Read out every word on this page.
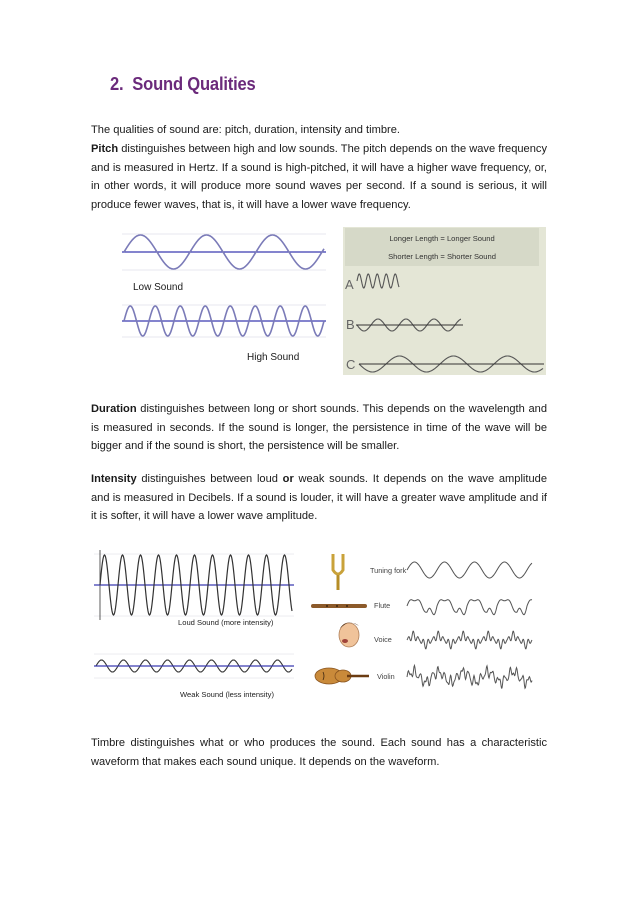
2. Sound Qualities

The qualities of sound are: pitch, duration, intensity and timbre.

Pitch distinguishes between high and low sounds. The pitch depends on the wave frequency and is measured in Hertz. If a sound is high-pitched, it will have a higher wave frequency, or, in other words, it will produce more sound waves per second. If a sound is serious, it will produce fewer waves, that is, it will have a lower wave frequency.

Low Sound
High Sound
A
B
C
Longer Length = Longer Sound
Shorter Length = Shorter Sound

Duration distinguishes between long or short sounds. This depends on the wavelength and is measured in seconds. If the sound is longer, the persistence in time of the wave will be bigger and if the sound is short, the persistence will be smaller.

Intensity distinguishes between loud or weak sounds. It depends on the wave amplitude and is measured in Decibels. If a sound is louder, it will have a greater wave amplitude and if it is softer, it will have a lower wave amplitude.

Loud Sound (more intensity)
Weak Sound (less intensity)
Tuning fork
Flute
Voice
Violin

Timbre distinguishes what or who produces the sound. Each sound has a characteristic waveform that makes each sound unique. It depends on the waveform.
